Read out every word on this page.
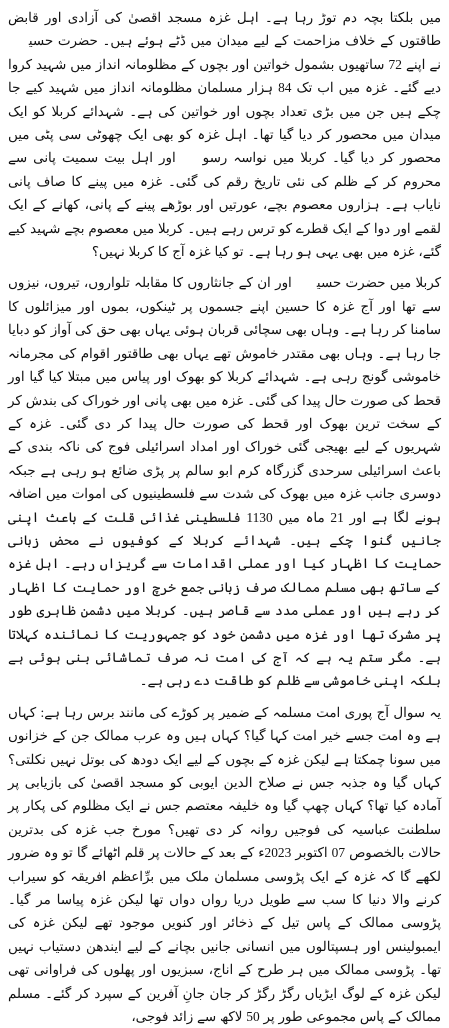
میں بلکتا بچہ دم توڑ رہا ہے۔ اہل غزہ مسجد اقصیٰ کی آزادی اور قابض طاقتوں کے خلاف مزاحمت کے لیے میدان میں ڈٹے ہوئے ہیں۔ حضرت حسینؓ نے اپنے 72 ساتھیوں بشمول خواتین اور بچوں کے مظلومانہ انداز میں شہید کروا دیے گئے۔ غزہ میں اب تک 84 ہزار مسلمان مظلومانہ انداز میں شہید کیے جا چکے ہیں جن میں بڑی تعداد بچوں اور خواتین کی ہے۔ شہدائے کربلا کو ایک میدان میں محصور کر دیا گیا تھا۔ اہل غزہ کو بھی ایک چھوٹی سی پٹی میں محصور کر دیا گیا۔ کربلا میں نواسہ رسولؐ اور اہل بیت سمیت پانی سے محروم کر کے ظلم کی نئی تاریخ رقم کی گئی۔ غزہ میں پینے کا صاف پانی نایاب ہے۔ ہزاروں معصوم بچے، عورتیں اور بوڑھے پینے کے پانی، کھانے کے ایک لقمے اور دوا کے ایک قطرے کو ترس رہے ہیں۔ کربلا میں معصوم بچے شہید کیے گئے، غزہ میں بھی یہی ہو رہا ہے۔ تو کیا غزہ آج کا کربلا نہیں؟

کربلا میں حضرت حسینؓ اور ان کے جانثاروں کا مقابلہ تلواروں، تیروں، نیزوں سے تھا اور آج غزہ کا حسین اپنے جسموں پر ٹینکوں، بموں اور میزائلوں کا سامنا کر رہا ہے۔ وہاں بھی سچائی قربان ہوئی یہاں بھی حق کی آواز کو دبایا جا رہا ہے۔ وہاں بھی مقتدر خاموش تھے یہاں بھی طاقتور اقوام کی مجرمانہ خاموشی گونج رہی ہے۔ شہدائے کربلا کو بھوک اور پیاس میں مبتلا کیا گیا اور قحط کی صورت حال پیدا کی گئی۔ غزہ میں بھی پانی اور خوراک کی بندش کر کے سخت ترین بھوک اور قحط کی صورت حال پیدا کر دی گئی۔ غزہ کے شہریوں کے لیے بھیجی گئی خوراک اور امداد اسرائیلی فوج کی ناکہ بندی کے باعث اسرائیلی سرحدی گزرگاہ کرم ابو سالم پر پڑی ضائع ہو رہی ہے جبکہ دوسری جانب غزہ میں بھوک کی شدت سے فلسطینیوں کی اموات میں اضافہ ہونے لگا ہے اور 21 ماہ میں 1130 فلسطینی غذائی قلت کے باعث اپنی جانیں گنوا چکے ہیں۔ شہدائے کربلا کے کوفیوں نے محض زبانی حمایت کا اظہار کیا اور عملی اقدامات سے گریزاں رہے۔ اہل غزہ کے ساتھ بھی مسلم ممالک صرف زبانی جمع خرچ اور حمایت کا اظہار کر رہے ہیں اور عملی مدد سے قاصر ہیں۔ کربلا میں دشمن ظاہری طور پر مشرک تھا اور غزہ میں دشمن خود کو جمہوریت کا نمائندہ کہلاتا ہے۔ مگر ستم یہ ہے کہ آج کی امت نہ صرف تماشائی بنی ہوئی ہے بلکہ اپنی خاموشی سے ظلم کو طاقت دے رہی ہے۔

یہ سوال آج پوری امت مسلمہ کے ضمیر پر کوڑے کی مانند برس رہا ہے: کہاں ہے وہ امت جسے خیر امت کہا گیا؟ کہاں ہیں وہ عرب ممالک جن کے خزانوں میں سونا چمکتا ہے لیکن غزہ کے بچوں کے لیے ایک دودھ کی بوتل نہیں نکلتی؟ کہاں گیا وہ جذبہ جس نے صلاح الدین ایوبی کو مسجد اقصیٰ کی بازیابی پر آمادہ کیا تھا؟ کہاں چھپ گیا وہ خلیفہ معتصم جس نے ایک مظلوم کی پکار پر سلطنت عباسیہ کی فوجیں روانہ کر دی تھیں؟ مورخ جب غزہ کی بدترین حالات بالخصوص 07 اکتوبر 2023ء کے بعد کے حالات پر قلم اٹھائے گا تو وہ ضرور لکھے گا کہ غزہ کے ایک پڑوسی مسلمان ملک میں برِّاعظم افریقہ کو سیراب کرنے والا دنیا کا سب سے طویل دریا رواں دواں تھا لیکن غزہ پیاسا مر گیا۔ پڑوسی ممالک کے پاس تیل کے ذخائر اور کنویں موجود تھے لیکن غزہ کی ایمبولینس اور ہسپتالوں میں انسانی جانیں بچانے کے لیے ایندھن دستیاب نہیں تھا۔ پڑوسی ممالک میں ہر طرح کے اناج، سبزیوں اور پھلوں کی فراوانی تھی لیکن غزہ کے لوگ ایڑیاں رگڑ رگڑ کر جان جانِ آفرین کے سپرد کر گئے۔ مسلم ممالک کے پاس مجموعی طور پر 50 لاکھ سے زائد فوجی،
